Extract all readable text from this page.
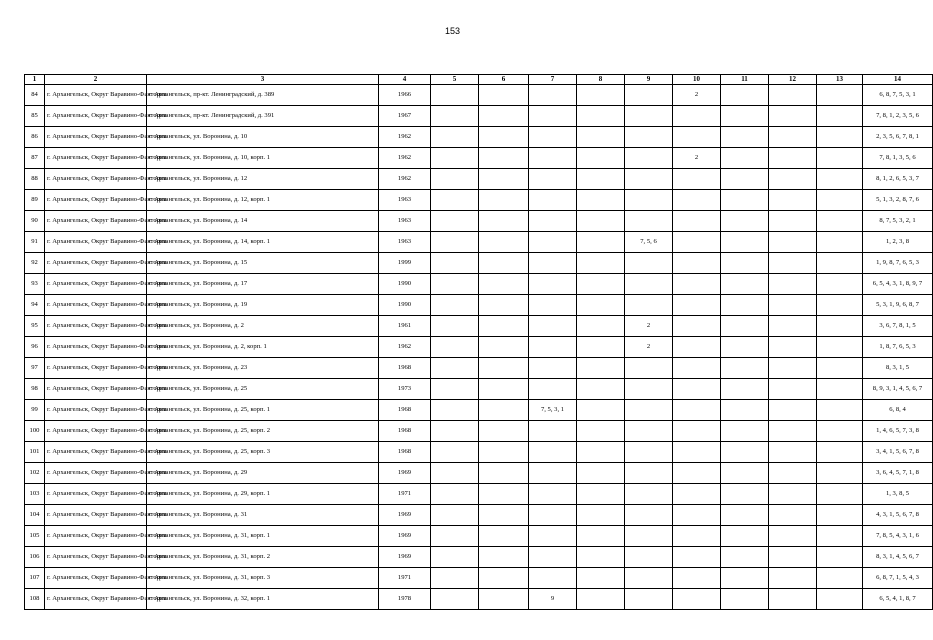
153
1	2	3	4	5	6	7	8	9	10	11	12	13	14
84	г. Архангельск, Округ Варавино-Фактория	г. Архангельск, пр-кт. Ленинградский, д. 389	1966						2				6, 8, 7, 5, 3, 1
85	г. Архангельск, Округ Варавино-Фактория	г. Архангельск, пр-кт. Ленинградский, д. 391	1967										7, 8, 1, 2, 3, 5, 6
86	г. Архангельск, Округ Варавино-Фактория	г. Архангельск, ул. Воронина, д. 10	1962										2, 3, 5, 6, 7, 8, 1
87	г. Архангельск, Округ Варавино-Фактория	г. Архангельск, ул. Воронина, д. 10, корп. 1	1962						2				7, 8, 1, 3, 5, 6
88	г. Архангельск, Округ Варавино-Фактория	г. Архангельск, ул. Воронина, д. 12	1962										8, 1, 2, 6, 5, 3, 7
89	г. Архангельск, Округ Варавино-Фактория	г. Архангельск, ул. Воронина, д. 12, корп. 1	1963										5, 1, 3, 2, 8, 7, 6
90	г. Архангельск, Округ Варавино-Фактория	г. Архангельск, ул. Воронина, д. 14	1963										8, 7, 5, 3, 2, 1
91	г. Архангельск, Округ Варавино-Фактория	г. Архангельск, ул. Воронина, д. 14, корп. 1	1963					7, 5, 6					1, 2, 3, 8
92	г. Архангельск, Округ Варавино-Фактория	г. Архангельск, ул. Воронина, д. 15	1999										1, 9, 8, 7, 6, 5, 3
93	г. Архангельск, Округ Варавино-Фактория	г. Архангельск, ул. Воронина, д. 17	1990										6, 5, 4, 3, 1, 8, 9, 7
94	г. Архангельск, Округ Варавино-Фактория	г. Архангельск, ул. Воронина, д. 19	1990										5, 3, 1, 9, 6, 8, 7
95	г. Архангельск, Округ Варавино-Фактория	г. Архангельск, ул. Воронина, д. 2	1961					2					3, 6, 7, 8, 1, 5
96	г. Архангельск, Округ Варавино-Фактория	г. Архангельск, ул. Воронина, д. 2, корп. 1	1962					2					1, 8, 7, 6, 5, 3
97	г. Архангельск, Округ Варавино-Фактория	г. Архангельск, ул. Воронина, д. 23	1968										8, 3, 1, 5
98	г. Архангельск, Округ Варавино-Фактория	г. Архангельск, ул. Воронина, д. 25	1973										8, 9, 3, 1, 4, 5, 6, 7
99	г. Архангельск, Округ Варавино-Фактория	г. Архангельск, ул. Воронина, д. 25, корп. 1	1968			7, 5, 3, 1							6, 8, 4
100	г. Архангельск, Округ Варавино-Фактория	г. Архангельск, ул. Воронина, д. 25, корп. 2	1968										1, 4, 6, 5, 7, 3, 8
101	г. Архангельск, Округ Варавино-Фактория	г. Архангельск, ул. Воронина, д. 25, корп. 3	1968										3, 4, 1, 5, 6, 7, 8
102	г. Архангельск, Округ Варавино-Фактория	г. Архангельск, ул. Воронина, д. 29	1969										3, 6, 4, 5, 7, 1, 8
103	г. Архангельск, Округ Варавино-Фактория	г. Архангельск, ул. Воронина, д. 29, корп. 1	1971										1, 3, 8, 5
104	г. Архангельск, Округ Варавино-Фактория	г. Архангельск, ул. Воронина, д. 31	1969										4, 3, 1, 5, 6, 7, 8
105	г. Архангельск, Округ Варавино-Фактория	г. Архангельск, ул. Воронина, д. 31, корп. 1	1969										7, 8, 5, 4, 3, 1, 6
106	г. Архангельск, Округ Варавино-Фактория	г. Архангельск, ул. Воронина, д. 31, корп. 2	1969										8, 3, 1, 4, 5, 6, 7
107	г. Архангельск, Округ Варавино-Фактория	г. Архангельск, ул. Воронина, д. 31, корп. 3	1971										6, 8, 7, 1, 5, 4, 3
108	г. Архангельск, Округ Варавино-Фактория	г. Архангельск, ул. Воронина, д. 32, корп. 1	1978			9							6, 5, 4, 1, 8, 7
